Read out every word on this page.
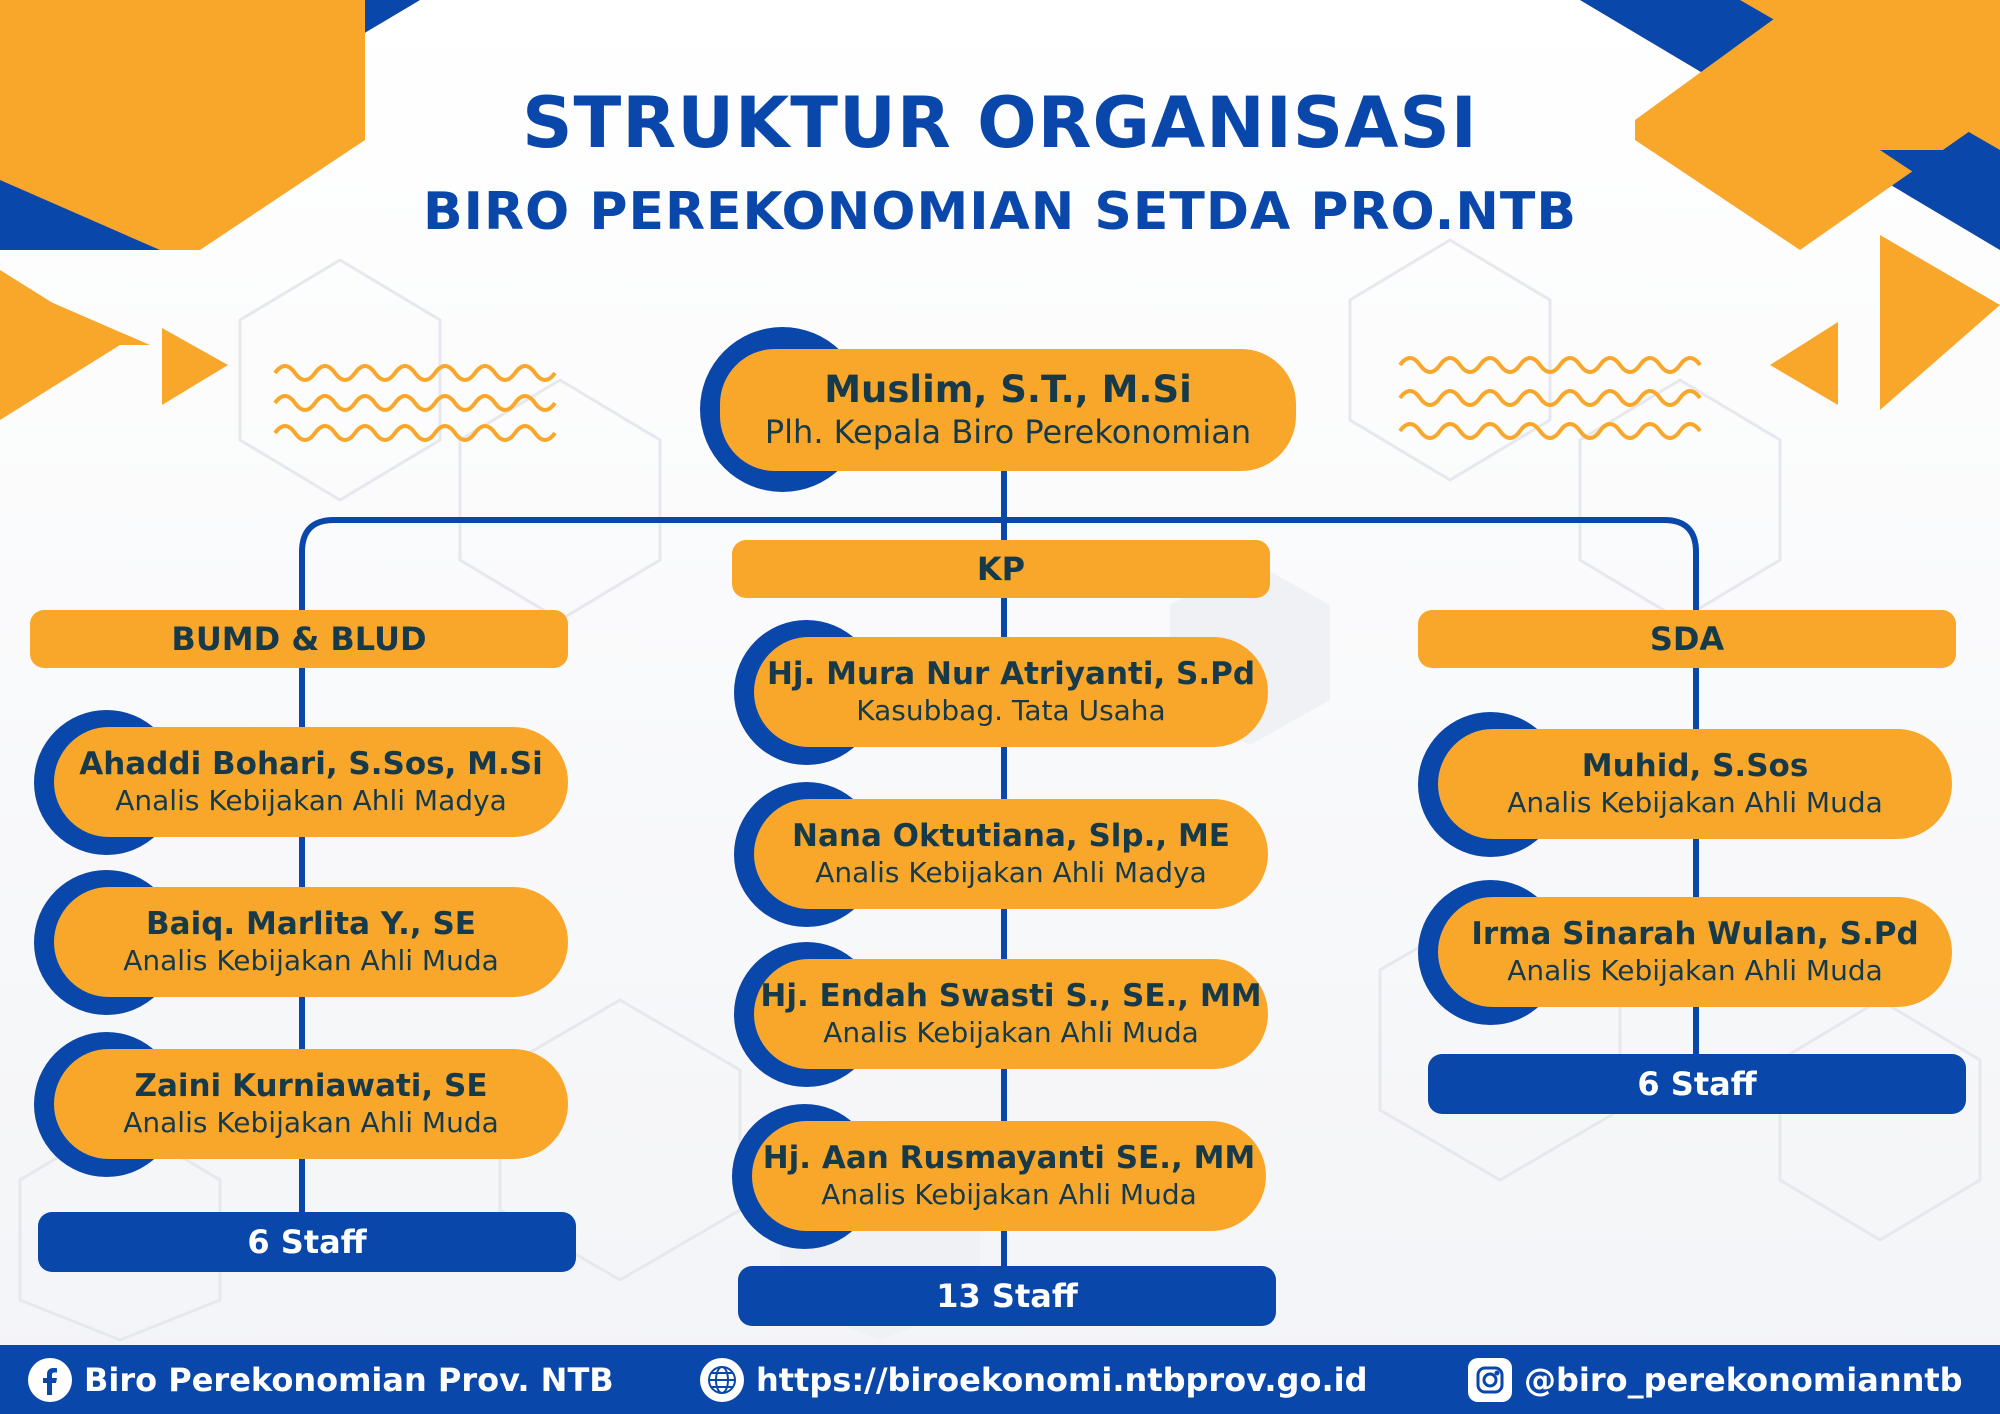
STRUKTUR ORGANISASI
BIRO PEREKONOMIAN SETDA PRO.NTB
Muslim, S.T., M.Si
Plh. Kepala Biro Perekonomian
BUMD & BLUD
KP
SDA
Ahaddi Bohari, S.Sos, M.Si
Analis Kebijakan Ahli Madya
Baiq. Marlita Y., SE
Analis Kebijakan Ahli Muda
Zaini Kurniawati, SE
Analis Kebijakan Ahli Muda
6 Staff
Hj. Mura Nur Atriyanti, S.Pd
Kasubbag. Tata Usaha
Nana Oktutiana, Slp., ME
Analis Kebijakan Ahli Madya
Hj. Endah Swasti S., SE., MM
Analis Kebijakan Ahli Muda
Hj. Aan Rusmayanti SE., MM
Analis Kebijakan Ahli Muda
13 Staff
Muhid, S.Sos
Analis Kebijakan Ahli Muda
Irma Sinarah Wulan, S.Pd
Analis Kebijakan Ahli Muda
6 Staff
Biro Perekonomian Prov. NTB	https://biroekonomi.ntbprov.go.id	@biro_perekonomianntb
